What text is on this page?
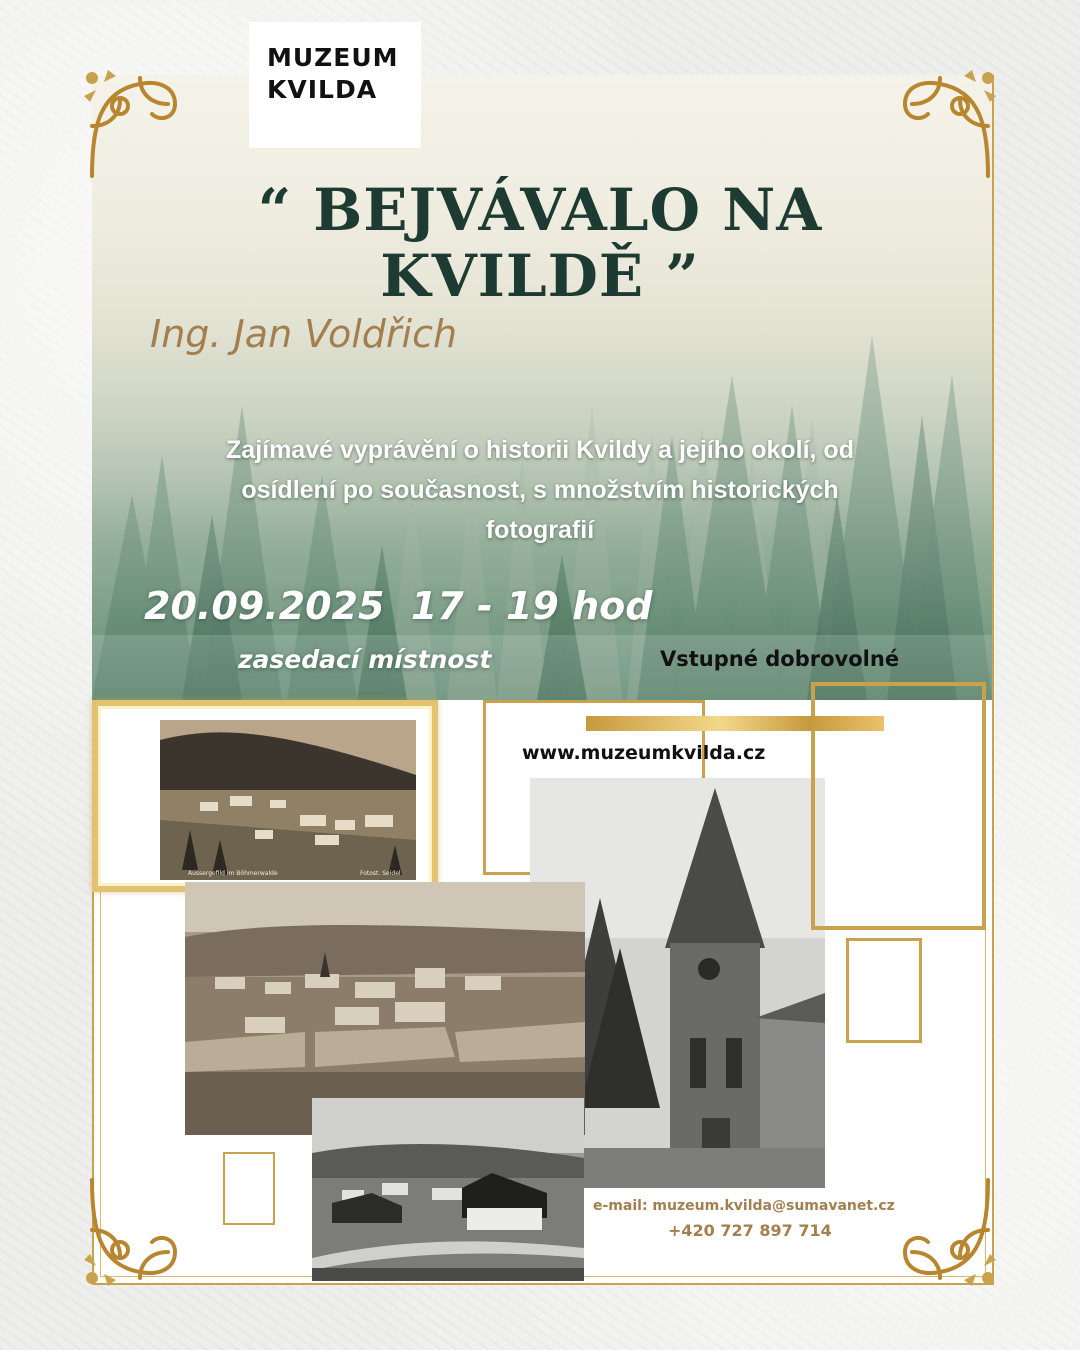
MUZEUM
KVILDA
“ BEJVÁVALO NA
KVILDĚ ”
Ing. Jan Voldřich
Zajímavé vyprávění o historii Kvildy a jejího okolí, od
osídlení po současnost, s množstvím historických
fotografií
20.09.2025  17 - 19 hod
zasedací místnost	Vstupné dobrovolné
Aussergefild im Böhmerwalde	Fotost. Seidel
www.muzeumkvilda.cz
e-mail: muzeum.kvilda@sumavanet.cz
+420 727 897 714
